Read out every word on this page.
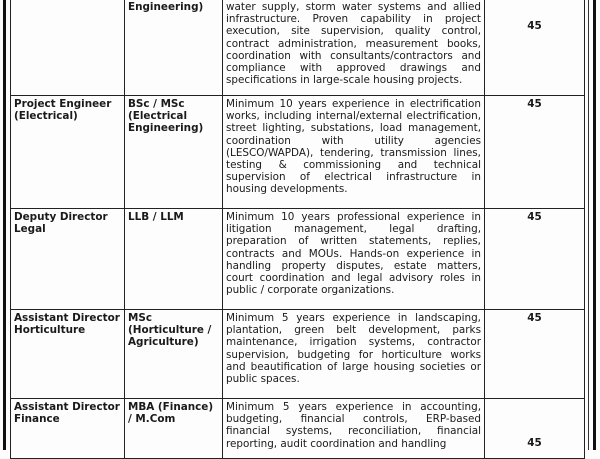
	Engineering)	water supply, storm water systems and allied infrastructure. Proven capability in project execution, site supervision, quality control, contract administration, measurement books, coordination with consultants/contractors and compliance with approved drawings and specifications in large-scale housing projects.	45
Project Engineer (Electrical)	BSc / MSc (Electrical Engineering)	Minimum 10 years experience in electrification works, including internal/external electrification, street lighting, substations, load management, coordination with utility agencies (LESCO/WAPDA), tendering, transmission lines, testing & commissioning and technical supervision of electrical infrastructure in housing developments.	45
Deputy Director Legal	LLB / LLM	Minimum 10 years professional experience in litigation management, legal drafting, preparation of written statements, replies, contracts and MOUs. Hands-on experience in handling property disputes, estate matters, court coordination and legal advisory roles in public / corporate organizations.	45
Assistant Director Horticulture	MSc (Horticulture / Agriculture)	Minimum 5 years experience in landscaping, plantation, green belt development, parks maintenance, irrigation systems, contractor supervision, budgeting for horticulture works and beautification of large housing societies or public spaces.	45
Assistant Director Finance	MBA (Finance) / M.Com	Minimum 5 years experience in accounting, budgeting, financial controls, ERP-based financial systems, reconciliation, financial reporting, audit coordination and handling	45
